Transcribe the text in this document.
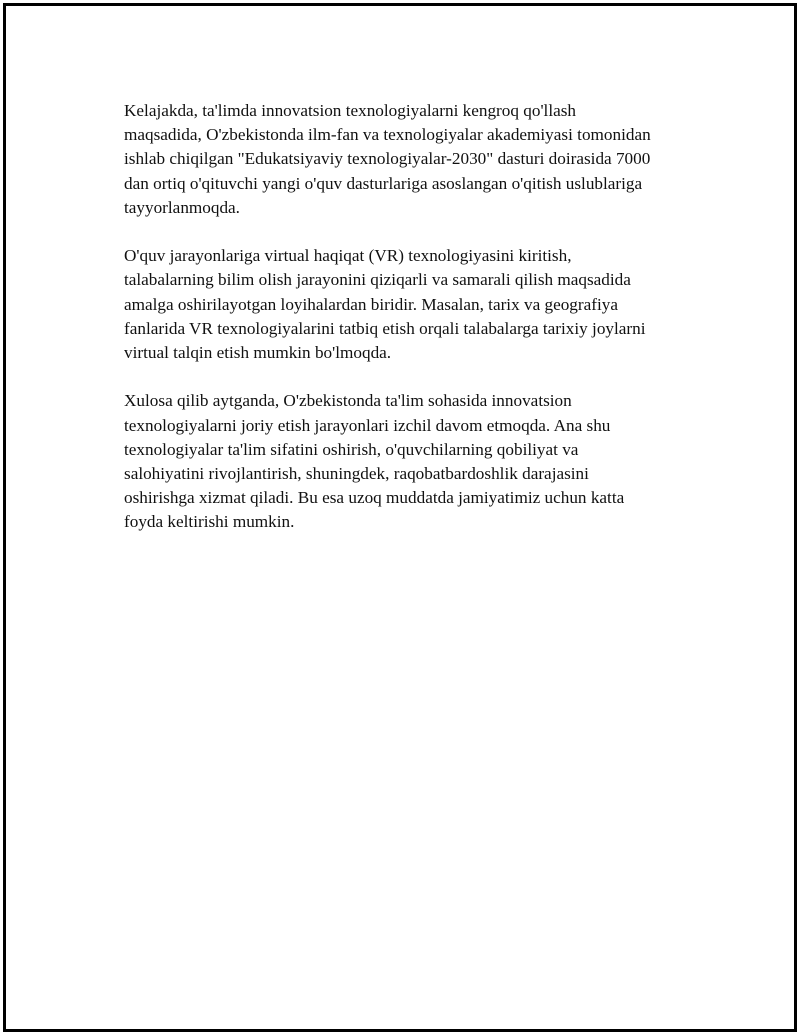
Kelajakda, ta'limda innovatsion texnologiyalarni kengroq qo'llash
maqsadida, O'zbekistonda ilm-fan va texnologiyalar akademiyasi tomonidan
ishlab chiqilgan "Edukatsiyaviy texnologiyalar-2030" dasturi doirasida 7000
dan ortiq o'qituvchi yangi o'quv dasturlariga asoslangan o'qitish uslublariga
tayyorlanmoqda.

O'quv jarayonlariga virtual haqiqat (VR) texnologiyasini kiritish,
talabalarning bilim olish jarayonini qiziqarli va samarali qilish maqsadida
amalga oshirilayotgan loyihalardan biridir. Masalan, tarix va geografiya
fanlarida VR texnologiyalarini tatbiq etish orqali talabalarga tarixiy joylarni
virtual talqin etish mumkin bo'lmoqda.

Xulosa qilib aytganda, O'zbekistonda ta'lim sohasida innovatsion
texnologiyalarni joriy etish jarayonlari izchil davom etmoqda. Ana shu
texnologiyalar ta'lim sifatini oshirish, o'quvchilarning qobiliyat va
salohiyatini rivojlantirish, shuningdek, raqobatbardoshlik darajasini
oshirishga xizmat qiladi. Bu esa uzoq muddatda jamiyatimiz uchun katta
foyda keltirishi mumkin.
